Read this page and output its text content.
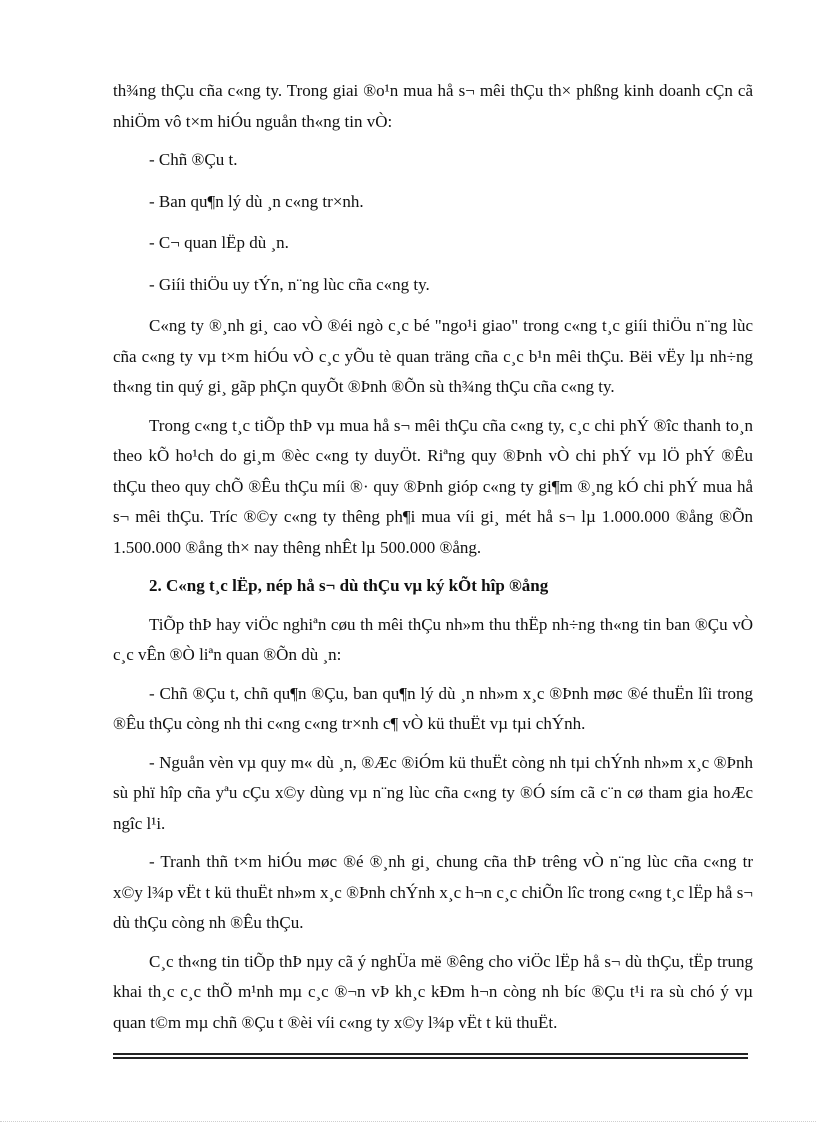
th¾ng thÇu cña c«ng ty. Trong giai ®o¹n mua hå s¬ mêi thÇu th× phßng kinh doanh cÇn cã nhiÖm vô t×m hiÓu nguån th«ng tin vÒ:

- Chñ ®Çu t.

- Ban qu¶n lý dù ¸n c«ng tr×nh.

- C¬ quan lËp dù ¸n.

- Giíi thiÖu uy tÝn, n¨ng lùc cña c«ng ty.

C«ng ty ®¸nh gi¸ cao vÒ ®éi ngò c¸c bé "ngo¹i giao" trong c«ng t¸c giíi thiÖu n¨ng lùc cña c«ng ty vµ t×m hiÓu vÒ c¸c yÕu tè quan träng cña c¸c b¹n mêi thÇu. Bëi vËy lµ nh÷ng th«ng tin quý gi¸ gãp phÇn quyÕt ®Þnh ®Õn sù th¾ng thÇu cña c«ng ty.

Trong c«ng t¸c tiÕp thÞ vµ mua hå s¬ mêi thÇu cña c«ng ty, c¸c chi phÝ ®îc thanh to¸n theo kÕ ho¹ch do gi¸m ®èc c«ng ty duyÖt. Riªng quy ®Þnh vÒ chi phÝ vµ lÖ phÝ ®Êu thÇu theo quy chÕ ®Êu thÇu míi ®· quy ®Þnh gióp c«ng ty gi¶m ®¸ng kÓ chi phÝ mua hå s¬ mêi thÇu. Tríc ®©y c«ng ty thêng ph¶i mua víi gi¸ mét hå s¬ lµ 1.000.000 ®ång ®Õn 1.500.000 ®ång th× nay thêng nhÊt lµ 500.000 ®ång.

2. C«ng t¸c lËp, nép hå s¬ dù thÇu vµ ký kÕt hîp ®ång

TiÕp thÞ hay viÖc nghiªn cøu th mêi thÇu nh»m thu thËp nh÷ng th«ng tin ban ®Çu vÒ c¸c vÊn ®Ò liªn quan ®Õn dù ¸n:

- Chñ ®Çu t, chñ qu¶n ®Çu, ban qu¶n lý dù ¸n nh»m x¸c ®Þnh møc ®é thuËn lîi trong ®Êu thÇu còng nh thi c«ng c«ng tr×nh c¶ vÒ kü thuËt vµ tµi chÝnh.

- Nguån vèn vµ quy m« dù ¸n, ®Æc ®iÓm kü thuËt còng nh tµi chÝnh nh»m x¸c ®Þnh sù phï hîp cña yªu cÇu x©y dùng vµ n¨ng lùc cña c«ng ty ®Ó sím cã c¨n cø tham gia hoÆc ngîc l¹i.

- Tranh thñ t×m hiÓu møc ®é ®¸nh gi¸ chung cña thÞ trêng vÒ n¨ng lùc cña c«ng tr x©y l¾p vËt t kü thuËt nh»m x¸c ®Þnh chÝnh x¸c h¬n c¸c chiÕn lîc trong c«ng t¸c lËp hå s¬ dù thÇu còng nh ®Êu thÇu.

C¸c th«ng tin tiÕp thÞ nµy cã ý nghÜa më ®êng cho viÖc lËp hå s¬ dù thÇu, tËp trung khai th¸c c¸c thÕ m¹nh mµ c¸c ®¬n vÞ kh¸c kÐm h¬n còng nh bíc ®Çu t¹i ra sù chó ý vµ quan t©m mµ chñ ®Çu t ®èi víi c«ng ty x©y l¾p vËt t kü thuËt.
